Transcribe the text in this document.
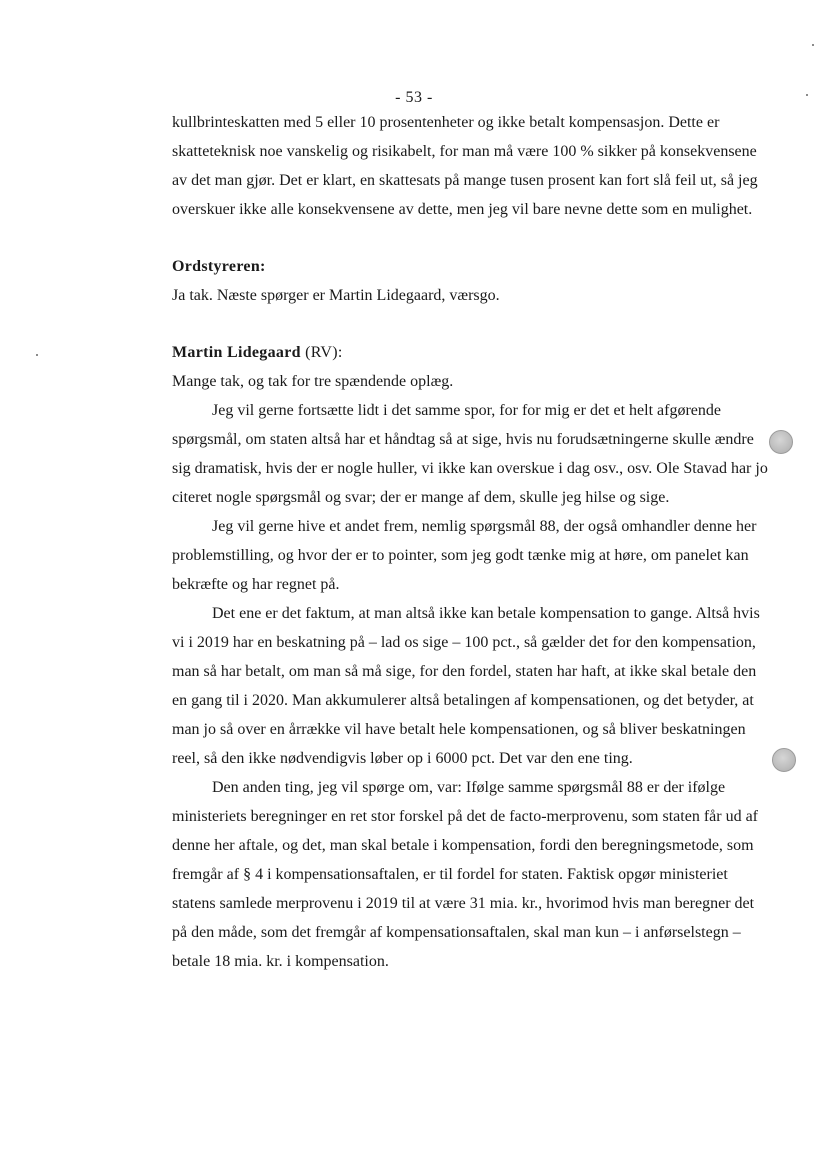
- 53 -

kullbrinteskatten med 5 eller 10 prosentenheter og ikke betalt kompensasjon. Dette er skatteteknisk noe vanskelig og risikabelt, for man må være 100 % sikker på konsekvensene av det man gjør. Det er klart, en skattesats på mange tusen prosent kan fort slå feil ut, så jeg overskuer ikke alle konsekvensene av dette, men jeg vil bare nevne dette som en mulighet.

Ordstyreren:

Ja tak. Næste spørger er Martin Lidegaard, værsgo.

Martin Lidegaard (RV):

Mange tak, og tak for tre spændende oplæg.

Jeg vil gerne fortsætte lidt i det samme spor, for for mig er det et helt afgørende spørgsmål, om staten altså har et håndtag så at sige, hvis nu forudsætningerne skulle ændre sig dramatisk, hvis der er nogle huller, vi ikke kan overskue i dag osv., osv. Ole Stavad har jo citeret nogle spørgsmål og svar; der er mange af dem, skulle jeg hilse og sige.

Jeg vil gerne hive et andet frem, nemlig spørgsmål 88, der også omhandler denne her problemstilling, og hvor der er to pointer, som jeg godt tænke mig at høre, om panelet kan bekræfte og har regnet på.

Det ene er det faktum, at man altså ikke kan betale kompensation to gange. Altså hvis vi i 2019 har en beskatning på – lad os sige – 100 pct., så gælder det for den kompensation, man så har betalt, om man så må sige, for den fordel, staten har haft, at ikke skal betale den en gang til i 2020. Man akkumulerer altså betalingen af kompensationen, og det betyder, at man jo så over en årrække vil have betalt hele kompensationen, og så bliver beskatningen reel, så den ikke nødvendigvis løber op i 6000 pct. Det var den ene ting.

Den anden ting, jeg vil spørge om, var: Ifølge samme spørgsmål 88 er der ifølge ministeriets beregninger en ret stor forskel på det de facto-merprovenu, som staten får ud af denne her aftale, og det, man skal betale i kompensation, fordi den beregningsmetode, som fremgår af § 4 i kompensationsaftalen, er til fordel for staten. Faktisk opgør ministeriet statens samlede merprovenu i 2019 til at være 31 mia. kr., hvorimod hvis man beregner det på den måde, som det fremgår af kompensationsaftalen, skal man kun – i anførselstegn – betale 18 mia. kr. i kompensation.
